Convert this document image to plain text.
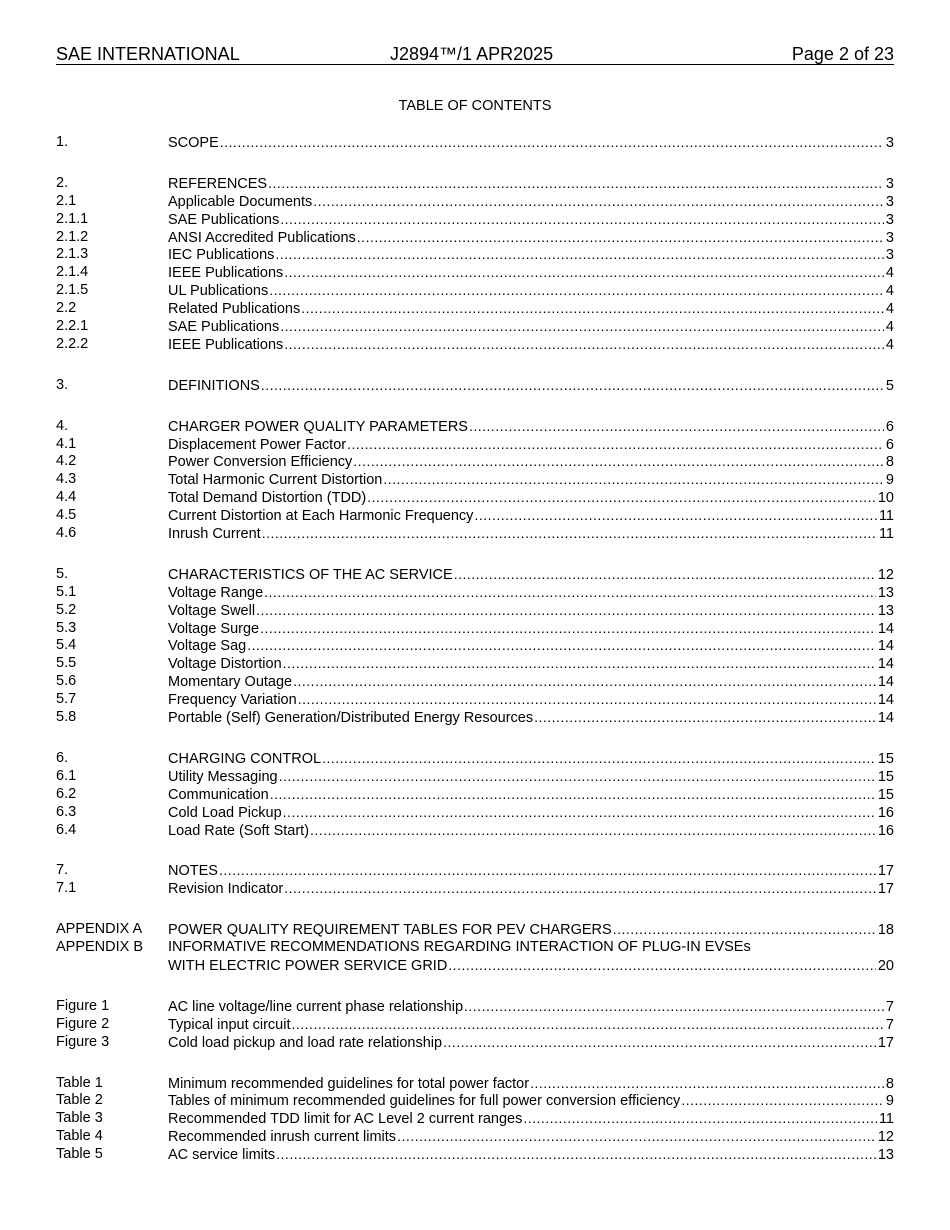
SAE INTERNATIONAL	J2894™/1 APR2025	Page 2 of 23
TABLE OF CONTENTS
1.	SCOPE .....	3
2.	REFERENCES .....	3
2.1	Applicable Documents .....	3
2.1.1	SAE Publications .....	3
2.1.2	ANSI Accredited Publications .....	3
2.1.3	IEC Publications .....	3
2.1.4	IEEE Publications .....	4
2.1.5	UL Publications .....	4
2.2	Related Publications .....	4
2.2.1	SAE Publications .....	4
2.2.2	IEEE Publications .....	4
3.	DEFINITIONS .....	5
4.	CHARGER POWER QUALITY PARAMETERS .....	6
4.1	Displacement Power Factor .....	6
4.2	Power Conversion Efficiency .....	8
4.3	Total Harmonic Current Distortion .....	9
4.4	Total Demand Distortion (TDD) .....	10
4.5	Current Distortion at Each Harmonic Frequency .....	11
4.6	Inrush Current .....	11
5.	CHARACTERISTICS OF THE AC SERVICE .....	12
5.1	Voltage Range .....	13
5.2	Voltage Swell .....	13
5.3	Voltage Surge .....	14
5.4	Voltage Sag .....	14
5.5	Voltage Distortion .....	14
5.6	Momentary Outage .....	14
5.7	Frequency Variation .....	14
5.8	Portable (Self) Generation/Distributed Energy Resources .....	14
6.	CHARGING CONTROL .....	15
6.1	Utility Messaging .....	15
6.2	Communication .....	15
6.3	Cold Load Pickup .....	16
6.4	Load Rate (Soft Start) .....	16
7.	NOTES .....	17
7.1	Revision Indicator .....	17
APPENDIX A POWER QUALITY REQUIREMENT TABLES FOR PEV CHARGERS .....	18
APPENDIX B INFORMATIVE RECOMMENDATIONS REGARDING INTERACTION OF PLUG-IN EVSEs
WITH ELECTRIC POWER SERVICE GRID .....	20
Figure 1	AC line voltage/line current phase relationship .....	7
Figure 2	Typical input circuit .....	7
Figure 3	Cold load pickup and load rate relationship .....	17
Table 1	Minimum recommended guidelines for total power factor .....	8
Table 2	Tables of minimum recommended guidelines for full power conversion efficiency .....	9
Table 3	Recommended TDD limit for AC Level 2 current ranges .....	11
Table 4	Recommended inrush current limits .....	12
Table 5	AC service limits .....	13
